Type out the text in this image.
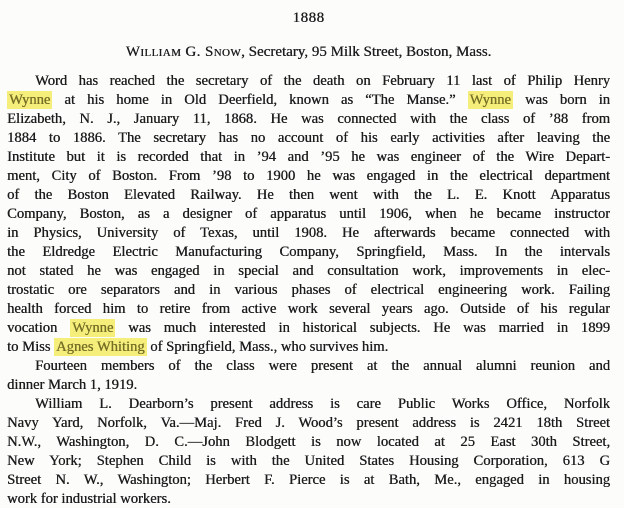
1888
William G. Snow, Secretary, 95 Milk Street, Boston, Mass.
Word has reached the secretary of the death on February 11 last of Philip Henry
Wynne at his home in Old Deerfield, known as “The Manse.” Wynne was born in
Elizabeth, N. J., January 11, 1868. He was connected with the class of ’88 from
1884 to 1886. The secretary has no account of his early activities after leaving the
Institute but it is recorded that in ’94 and ’95 he was engineer of the Wire Depart-
ment, City of Boston. From ’98 to 1900 he was engaged in the electrical department
of the Boston Elevated Railway. He then went with the L. E. Knott Apparatus
Company, Boston, as a designer of apparatus until 1906, when he became instructor
in Physics, University of Texas, until 1908. He afterwards became connected with
the Eldredge Electric Manufacturing Company, Springfield, Mass. In the intervals
not stated he was engaged in special and consultation work, improvements in elec-
trostatic ore separators and in various phases of electrical engineering work. Failing
health forced him to retire from active work several years ago. Outside of his regular
vocation Wynne was much interested in historical subjects. He was married in 1899
to Miss Agnes Whiting of Springfield, Mass., who survives him.
Fourteen members of the class were present at the annual alumni reunion and
dinner March 1, 1919.
William L. Dearborn’s present address is care Public Works Office, Norfolk
Navy Yard, Norfolk, Va.—Maj. Fred J. Wood’s present address is 2421 18th Street
N.W., Washington, D. C.—John Blodgett is now located at 25 East 30th Street,
New York; Stephen Child is with the United States Housing Corporation, 613 G
Street N. W., Washington; Herbert F. Pierce is at Bath, Me., engaged in housing
work for industrial workers.
